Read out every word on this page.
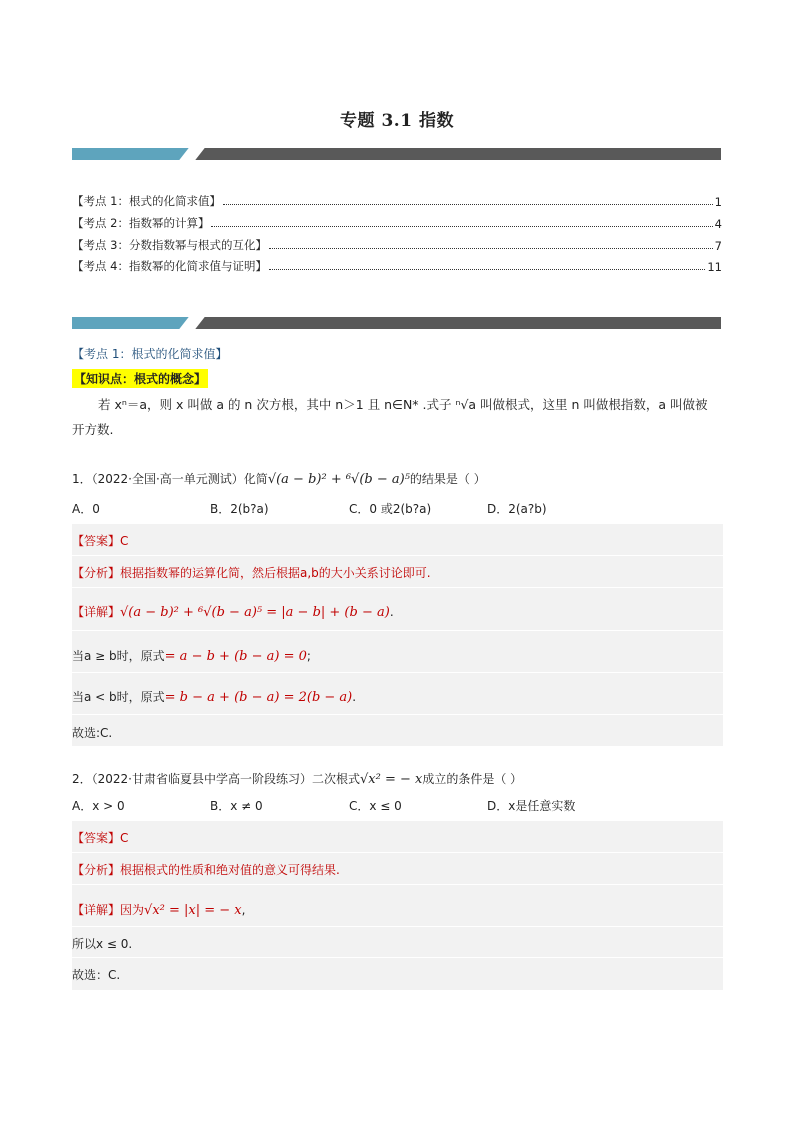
专题 3.1 指数
【考点 1：根式的化简求值】	1
【考点 2：指数幂的计算】	4
【考点 3：分数指数幂与根式的互化】	7
【考点 4：指数幂的化简求值与证明】	11
【考点 1：根式的化简求值】
【知识点：根式的概念】
若 xⁿ＝a，则 x 叫做 a 的 n 次方根，其中 n＞1 且 n∈N* .式子 ⁿ√a 叫做根式，这里 n 叫做根指数，a 叫做被
开方数.
1．（2022·全国·高一单元测试）化简√(a − b)² + ⁶√(b − a)⁵的结果是（ ）
A．0	B．2(b?a)	C．0 或2(b?a)	D．2(a?b)
【答案】C
【分析】根据指数幂的运算化简，然后根据a,b的大小关系讨论即可.
【详解】√(a − b)² + ⁶√(b − a)⁵ = |a − b| + (b − a).
当a ≥ b时，原式= a − b + (b − a) = 0;
当a < b时，原式= b − a + (b − a) = 2(b − a).
故选:C.
2．（2022·甘肃省临夏县中学高一阶段练习）二次根式√x² = − x成立的条件是（ ）
A．x > 0	B．x ≠ 0	C．x ≤ 0	D．x是任意实数
【答案】C
【分析】根据根式的性质和绝对值的意义可得结果.
【详解】因为√x² = |x| = − x,
所以x ≤ 0.
故选：C.
